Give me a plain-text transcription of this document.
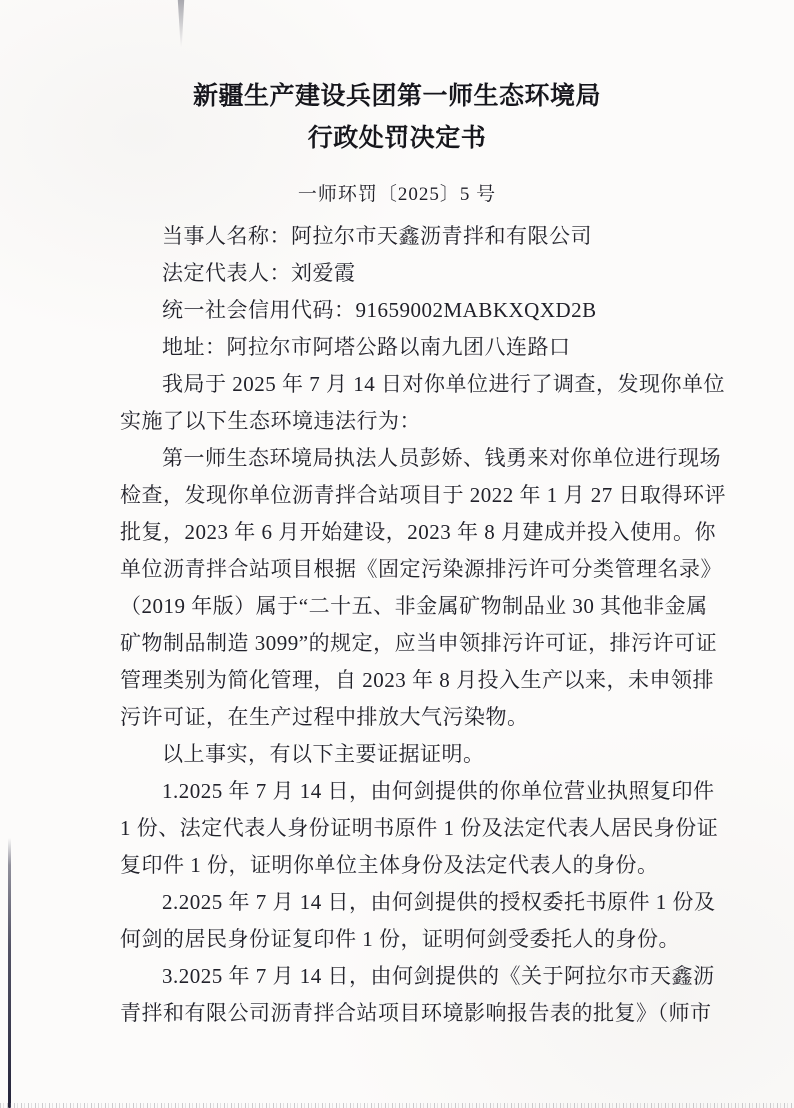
新疆生产建设兵团第一师生态环境局
行政处罚决定书
一师环罚〔2025〕5 号
当事人名称：阿拉尔市天鑫沥青拌和有限公司
法定代表人：刘爱霞
统一社会信用代码：91659002MABKXQXD2B
地址：阿拉尔市阿塔公路以南九团八连路口
我局于 2025 年 7 月 14 日对你单位进行了调查，发现你单位
实施了以下生态环境违法行为：
第一师生态环境局执法人员彭娇、钱勇来对你单位进行现场
检查，发现你单位沥青拌合站项目于 2022 年 1 月 27 日取得环评
批复，2023 年 6 月开始建设，2023 年 8 月建成并投入使用。你
单位沥青拌合站项目根据《固定污染源排污许可分类管理名录》
（2019 年版）属于“二十五、非金属矿物制品业 30 其他非金属
矿物制品制造 3099”的规定，应当申领排污许可证，排污许可证
管理类别为简化管理，自 2023 年 8 月投入生产以来，未申领排
污许可证，在生产过程中排放大气污染物。
以上事实，有以下主要证据证明。
1.2025 年 7 月 14 日，由何剑提供的你单位营业执照复印件
1 份、法定代表人身份证明书原件 1 份及法定代表人居民身份证
复印件 1 份，证明你单位主体身份及法定代表人的身份。
2.2025 年 7 月 14 日，由何剑提供的授权委托书原件 1 份及
何剑的居民身份证复印件 1 份，证明何剑受委托人的身份。
3.2025 年 7 月 14 日，由何剑提供的《关于阿拉尔市天鑫沥
青拌和有限公司沥青拌合站项目环境影响报告表的批复》（师市
